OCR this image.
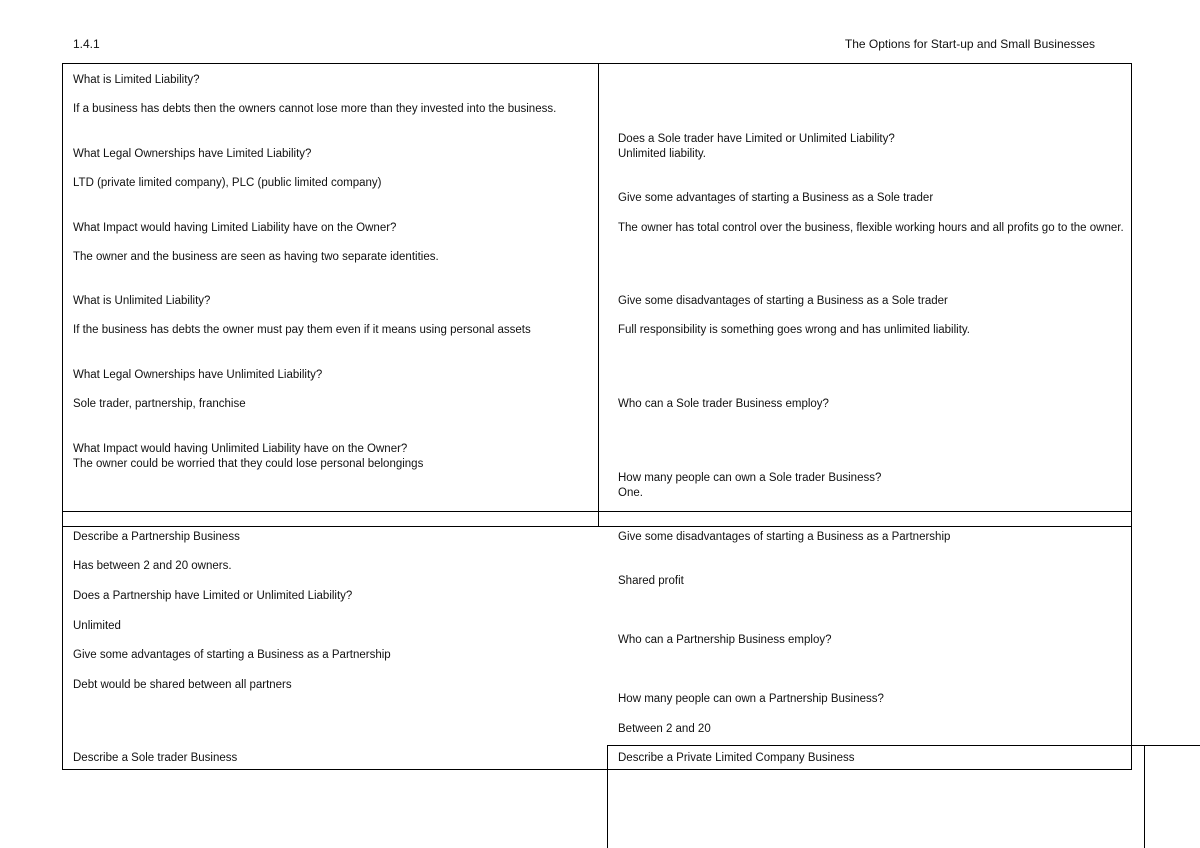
1.4.1	The Options for Start-up and Small Businesses
What is Limited Liability?
If a business has debts then the owners cannot lose more than they invested into the business.
What Legal Ownerships have Limited Liability?
LTD (private limited company), PLC (public limited company)
What Impact would having Limited Liability have on the Owner?
The owner and the business are seen as having two separate identities.
What is Unlimited Liability?
If the business has debts the owner must pay them even if it means using personal assets
What Legal Ownerships have Unlimited Liability?
Sole trader, partnership, franchise
What Impact would having Unlimited Liability have on the Owner?
The owner could be worried that they could lose personal belongings
Does a Sole trader have Limited or Unlimited Liability?
Unlimited liability.
Give some advantages of starting a Business as a Sole trader
The owner has total control over the business, flexible working hours and all profits go to the owner.
Give some disadvantages of starting a Business as a Sole trader
Full responsibility is something goes wrong and has unlimited liability.
Who can a Sole trader Business employ?
How many people can own a Sole trader Business?
One.
Describe a Partnership Business
Has between 2 and 20 owners.
Does a Partnership have Limited or Unlimited Liability?
Unlimited
Give some advantages of starting a Business as a Partnership
Debt would be shared between all partners
Describe a Sole trader Business
Give some disadvantages of starting a Business as a Partnership
Shared profit
Who can a Partnership Business employ?
How many people can own a Partnership Business?
Between 2 and 20
Describe a Private Limited Company Business
